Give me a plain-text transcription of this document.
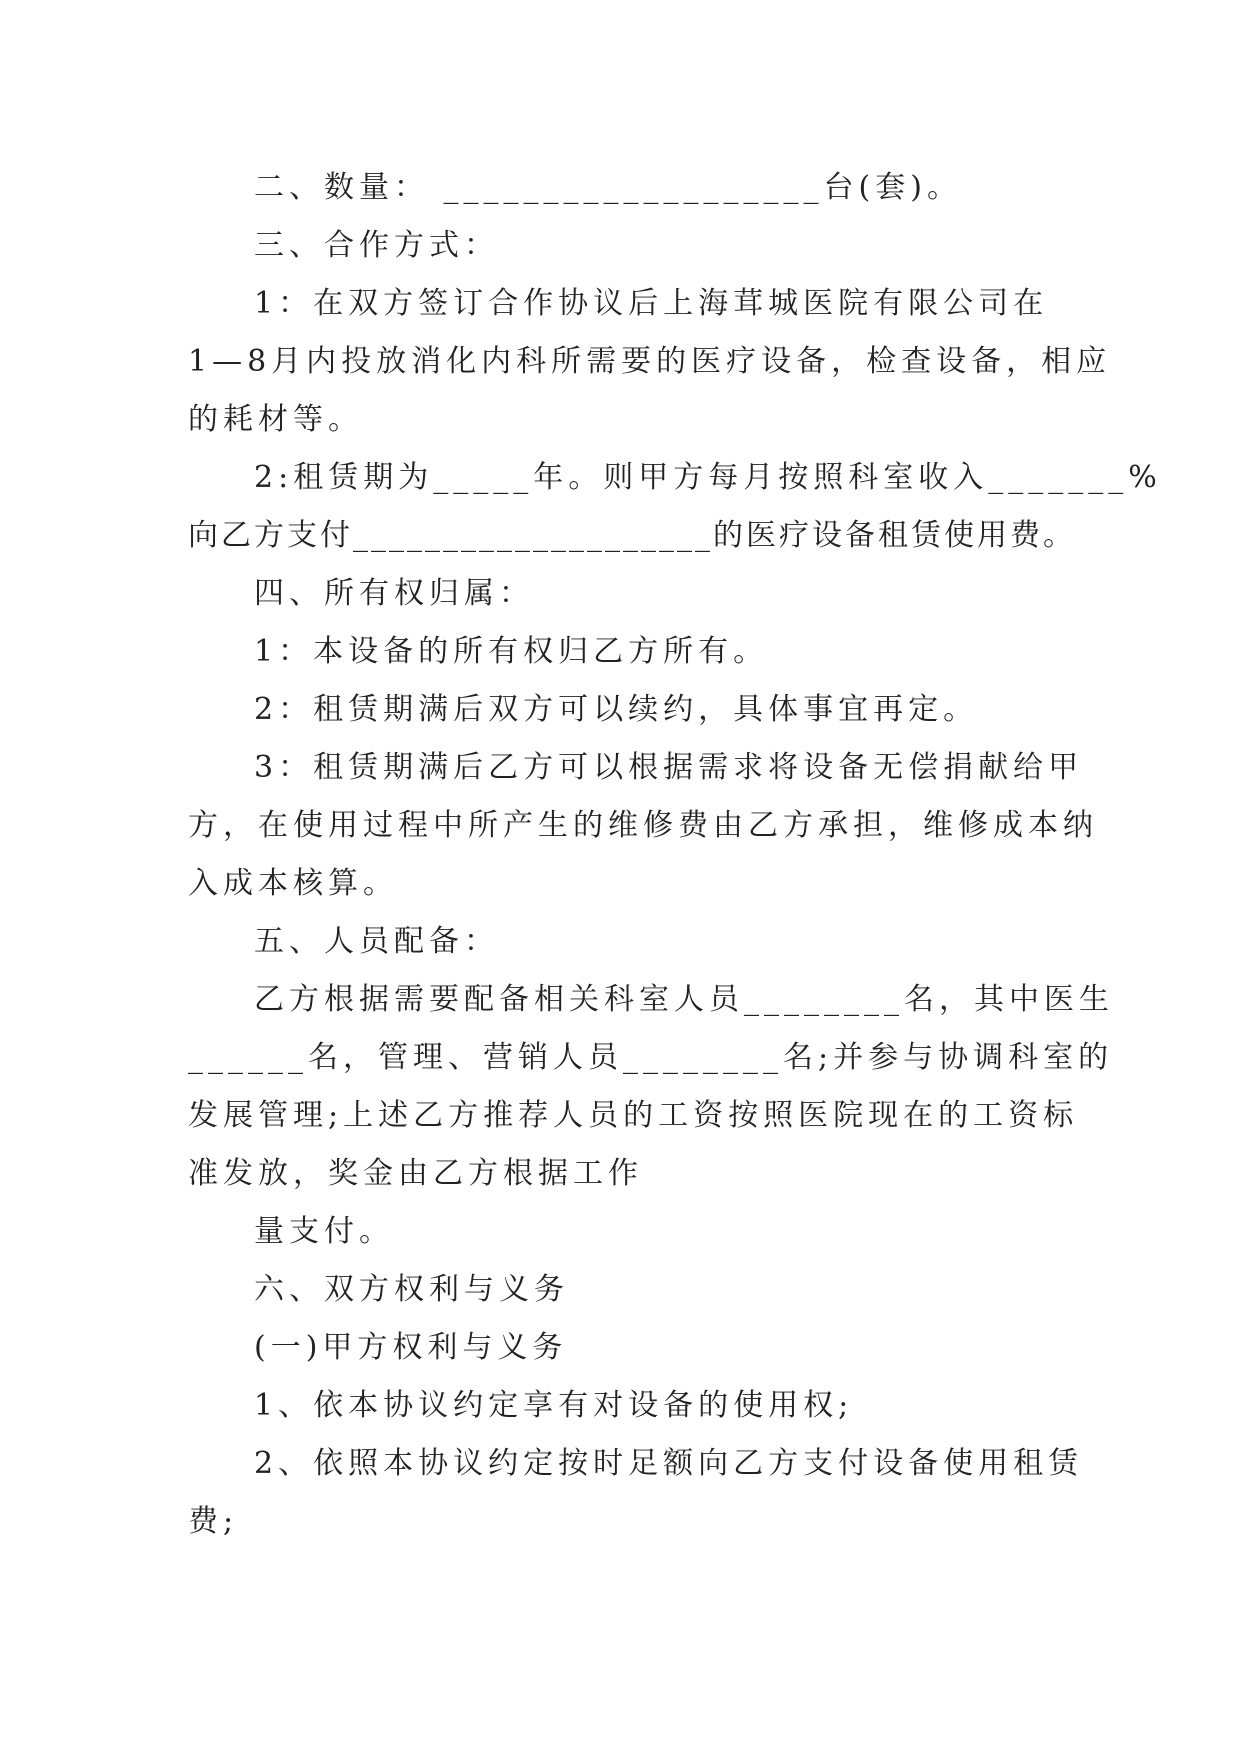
二、数量： ___________________台(套)。

三、合作方式：

1：在双方签订合作协议后上海茸城医院有限公司在

1—8月内投放消化内科所需要的医疗设备，检查设备，相应

的耗材等。

2:租赁期为_____年。则甲方每月按照科室收入_______%

向乙方支付____________________的医疗设备租赁使用费。

四、所有权归属：

1：本设备的所有权归乙方所有。

2：租赁期满后双方可以续约，具体事宜再定。

3：租赁期满后乙方可以根据需求将设备无偿捐献给甲

方，在使用过程中所产生的维修费由乙方承担，维修成本纳

入成本核算。

五、人员配备：

乙方根据需要配备相关科室人员________名，其中医生

______名，管理、营销人员________名;并参与协调科室的

发展管理;上述乙方推荐人员的工资按照医院现在的工资标

准发放，奖金由乙方根据工作

量支付。

六、双方权利与义务

(一)甲方权利与义务

1、依本协议约定享有对设备的使用权;

2、依照本协议约定按时足额向乙方支付设备使用租赁

费;
